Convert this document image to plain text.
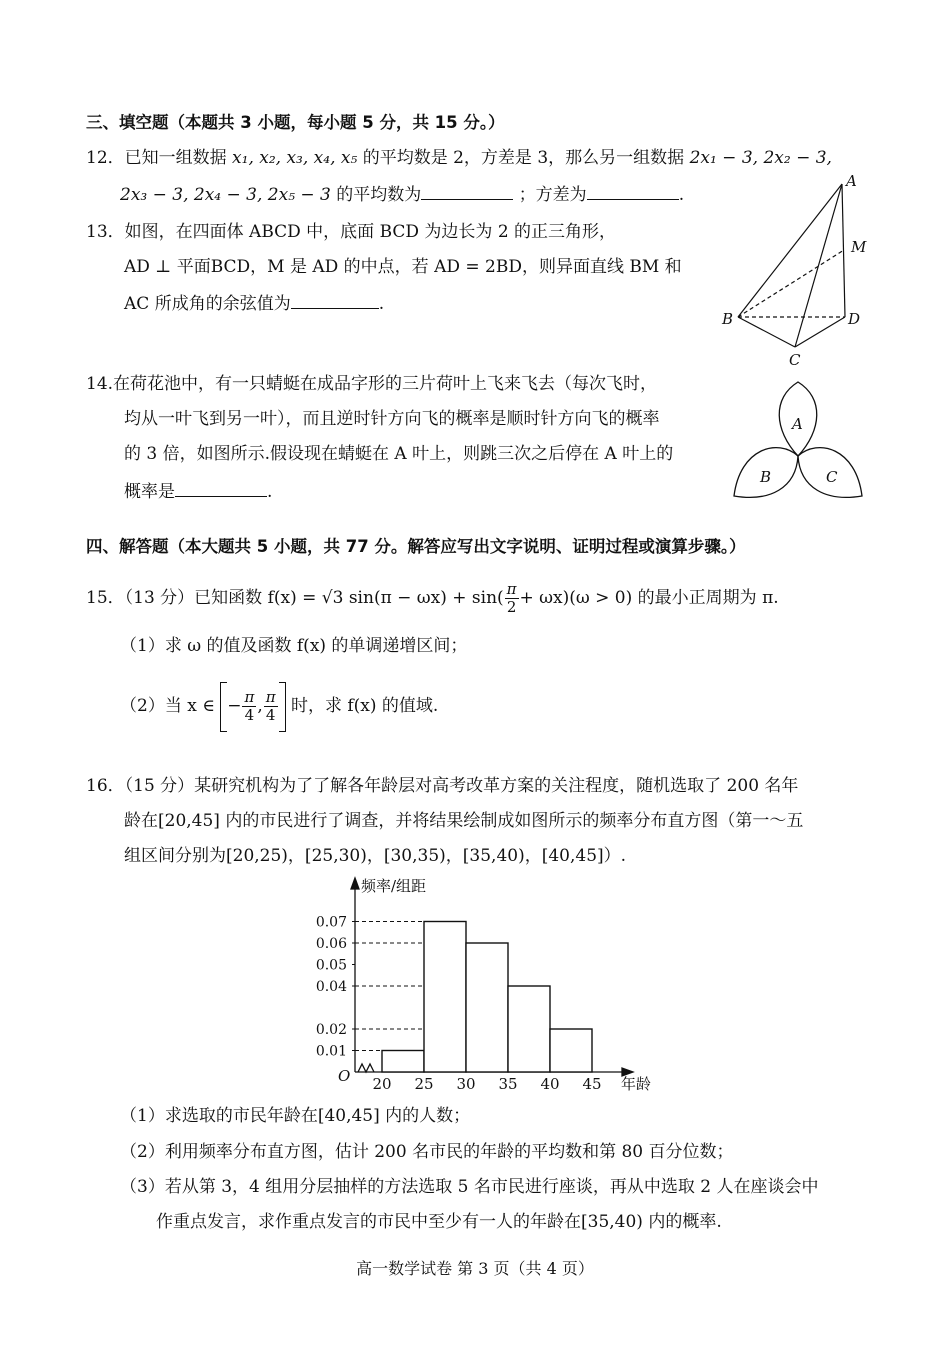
三、填空题（本题共 3 小题，每小题 5 分，共 15 分。）
12．已知一组数据 x₁, x₂, x₃, x₄, x₅ 的平均数是 2，方差是 3，那么另一组数据 2x₁ − 3, 2x₂ − 3,
2x₃ − 3, 2x₄ − 3, 2x₅ − 3 的平均数为	；方差为	.
13．如图，在四面体 ABCD 中，底面 BCD 为边长为 2 的正三角形，
AD ⊥ 平面BCD，M 是 AD 的中点，若 AD = 2BD，则异面直线 BM 和
AC 所成角的余弦值为	.
A
M
B	D
C
14.在荷花池中，有一只蜻蜓在成品字形的三片荷叶上飞来飞去（每次飞时，
均从一叶飞到另一叶），而且逆时针方向飞的概率是顺时针方向飞的概率
的 3 倍，如图所示.假设现在蜻蜓在 A 叶上，则跳三次之后停在 A 叶上的
概率是	.
A
B	C
四、解答题（本大题共 5 小题，共 77 分。解答应写出文字说明、证明过程或演算步骤。）
15．（13 分）已知函数 f(x) = √3 $\sin(\pi - \omega x) + \sin( \frac{\pi}{2} + \omega x)(\omega > 0)$ 的最小正周期为 π.
（1）求 ω 的值及函数 f(x) 的单调递增区间；
（2）当 x ∈ − $\frac{\pi}{4}$ , $\frac{\pi}{4}$ 时，求 f(x) 的值域.
16．（15 分）某研究机构为了了解各年龄层对高考改革方案的关注程度，随机选取了 200 名年
龄在[20,45] 内的市民进行了调查，并将结果绘制成如图所示的频率分布直方图（第一～五
组区间分别为[20,25)，[25,30)，[30,35)，[35,40)，[40,45]）.
频率/组距
年龄
O
0.01
0.02
0.04
0.05
0.06
0.07
20 25 30 35 40 45
（1）求选取的市民年龄在[40,45] 内的人数；
（2）利用频率分布直方图，估计 200 名市民的年龄的平均数和第 80 百分位数；
（3）若从第 3，4 组用分层抽样的方法选取 5 名市民进行座谈，再从中选取 2 人在座谈会中
作重点发言，求作重点发言的市民中至少有一人的年龄在[35,40) 内的概率.
高一数学试卷 第 3 页（共 4 页）
